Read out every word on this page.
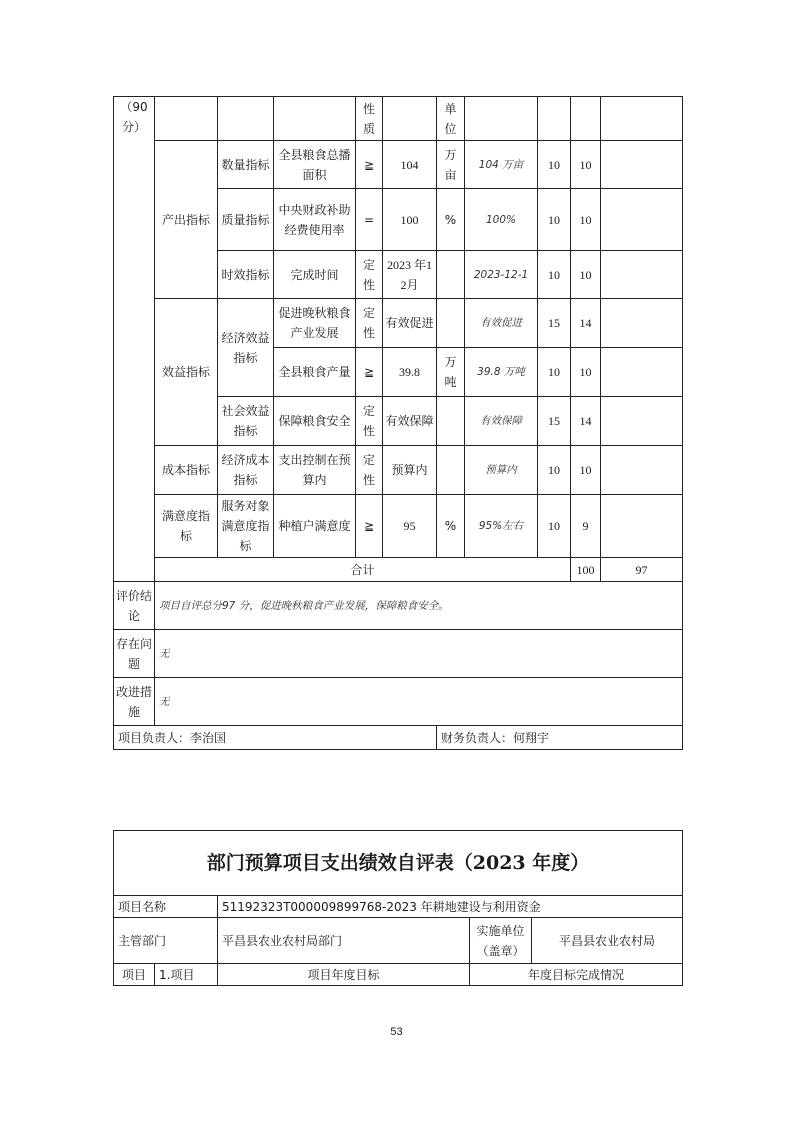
（90分）				性质		单位					
	产出指标	数量指标	全县粮食总播面积	≧	104	万亩	104 万亩	10	10		
		质量指标	中央财政补助经费使用率	=	100	%	100%	10	10		
		时效指标	完成时间	定性	2023 年12月		2023-12-1	10	10		
	效益指标	经济效益指标	促进晚秋粮食产业发展	定性	有效促进		有效促进	15	14		
			全县粮食产量	≧	39.8	万吨	39.8 万吨	10	10		
		社会效益指标	保障粮食安全	定性	有效保障		有效保障	15	14		
	成本指标	经济成本指标	支出控制在预算内	定性	预算内		预算内	10	10		
	满意度指标	服务对象满意度指标	种植户满意度	≧	95	%	95%左右	10	9		
	合计								100	97	
评价结论	项目自评总分97 分，促进晚秋粮食产业发展，保障粮食安全。										
存在问题	无										
改进措施	无										
项目负责人：李治国						财务负责人：何翔宇					
部门预算项目支出绩效自评表（2023 年度）				
项目名称		51192323T000009899768-2023 年耕地建设与利用资金		
主管部门		平昌县农业农村局部门	实施单位（盖章）	平昌县农业农村局
项目	1.项目	项目年度目标	年度目标完成情况	
53
